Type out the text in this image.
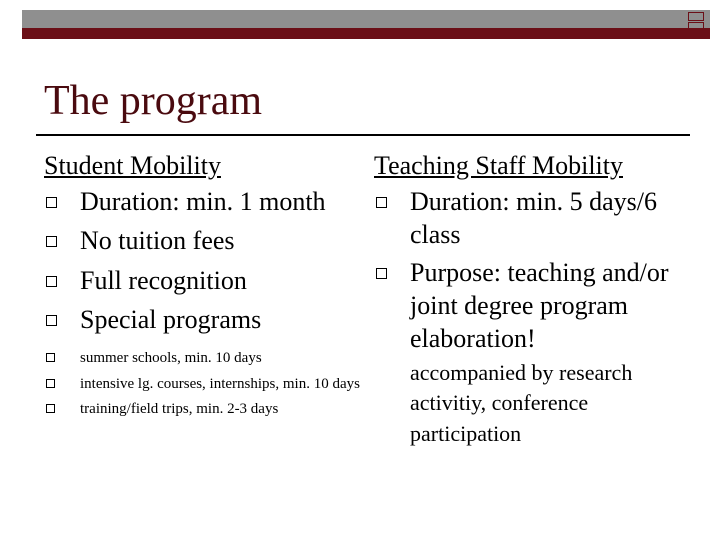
The program
Student Mobility
Duration: min. 1 month
No tuition fees
Full recognition
Special programs
summer schools, min. 10 days
intensive lg. courses, internships, min. 10 days
training/field trips, min. 2-3 days
Teaching Staff Mobility
Duration: min. 5 days/6 class
Purpose: teaching and/or joint degree program elaboration!
accompanied by research activitiy, conference participation
